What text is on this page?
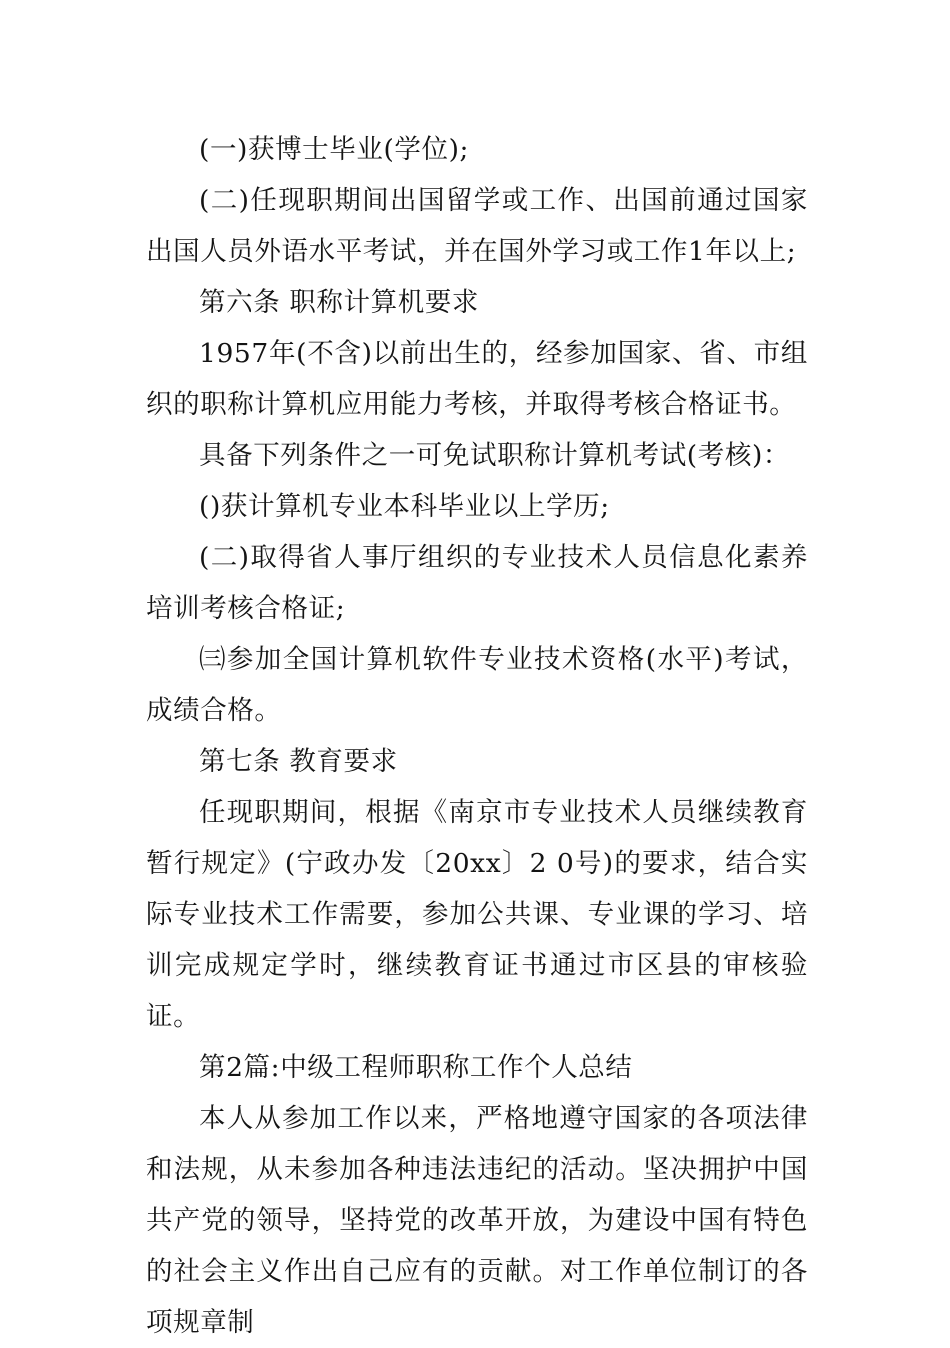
(一)获博士毕业(学位);

(二)任现职期间出国留学或工作、出国前通过国家出国人员外语水平考试，并在国外学习或工作1年以上;

第六条 职称计算机要求

1957年(不含)以前出生的，经参加国家、省、市组织的职称计算机应用能力考核，并取得考核合格证书。

具备下列条件之一可免试职称计算机考试(考核)：

()获计算机专业本科毕业以上学历;

(二)取得省人事厅组织的专业技术人员信息化素养培训考核合格证;

㈢参加全国计算机软件专业技术资格(水平)考试，成绩合格。

第七条 教育要求

任现职期间，根据《南京市专业技术人员继续教育暂行规定》(宁政办发〔20xx〕2 0号)的要求，结合实际专业技术工作需要，参加公共课、专业课的学习、培训完成规定学时，继续教育证书通过市区县的审核验证。

第2篇:中级工程师职称工作个人总结

本人从参加工作以来，严格地遵守国家的各项法律和法规，从未参加各种违法违纪的活动。坚决拥护中国共产党的领导，坚持党的改革开放，为建设中国有特色的社会主义作出自己应有的贡献。对工作单位制订的各项规章制
